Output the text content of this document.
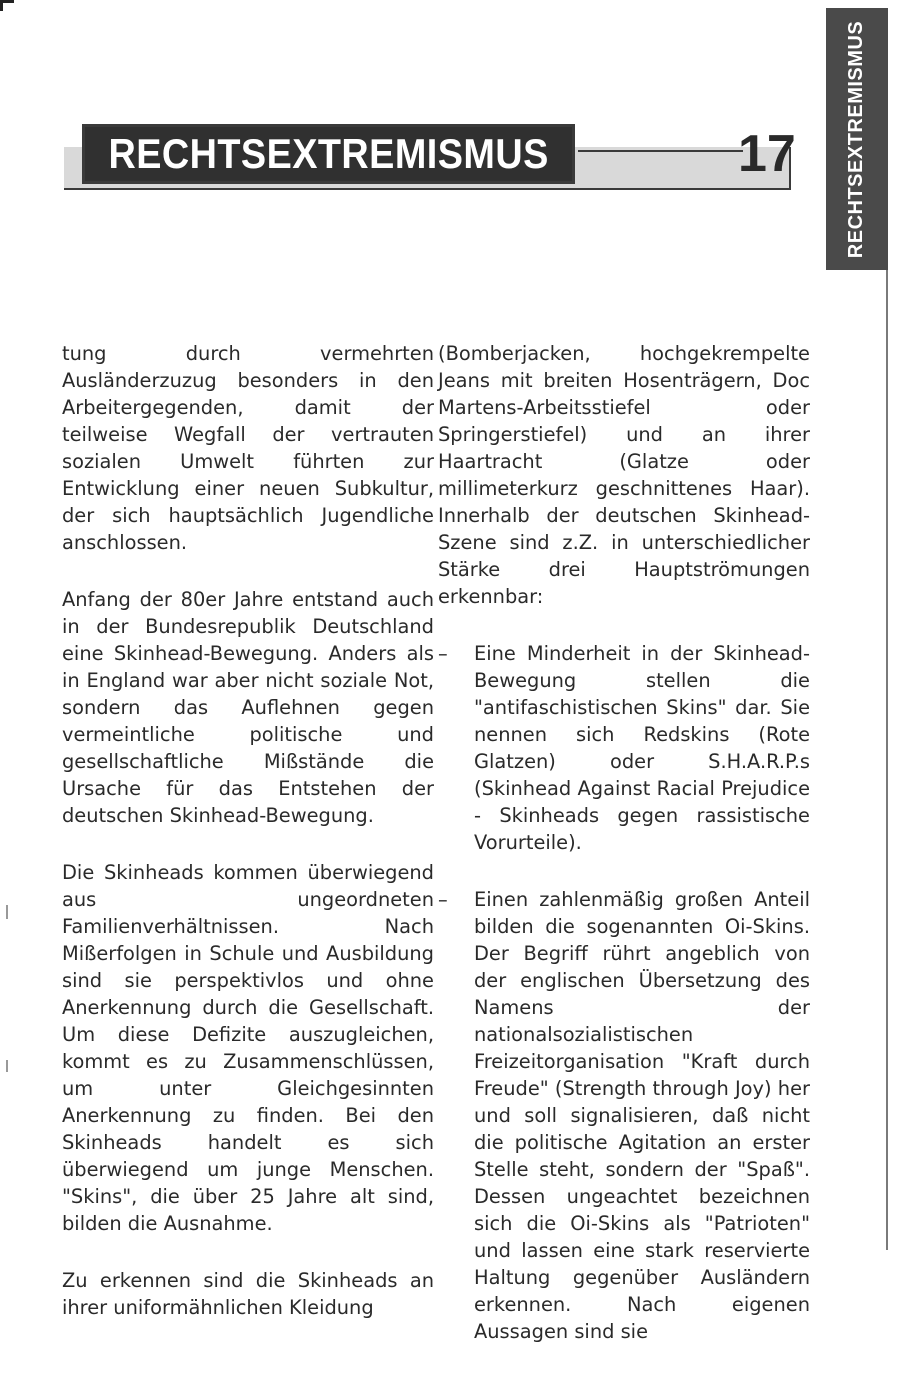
RECHTSEXTREMISMUS
RECHTSEXTREMISMUS	17

tung durch vermehrten Ausländerzuzug besonders in den Arbeitergegenden, damit der teilweise Wegfall der vertrauten sozialen Umwelt führten zur Entwicklung einer neuen Subkultur, der sich hauptsächlich Jugendliche anschlossen.

Anfang der 80er Jahre entstand auch in der Bundesrepublik Deutschland eine Skinhead-Bewegung. Anders als in England war aber nicht soziale Not, sondern das Auflehnen gegen vermeintliche politische und gesellschaftliche Mißstände die Ursache für das Entstehen der deutschen Skinhead-Bewegung.

Die Skinheads kommen überwiegend aus ungeordneten Familienverhältnissen. Nach Mißerfolgen in Schule und Ausbildung sind sie perspektivlos und ohne Anerkennung durch die Gesellschaft. Um diese Defizite auszugleichen, kommt es zu Zusammenschlüssen, um unter Gleichgesinnten Anerkennung zu finden. Bei den Skinheads handelt es sich überwiegend um junge Menschen. "Skins", die über 25 Jahre alt sind, bilden die Ausnahme.

Zu erkennen sind die Skinheads an ihrer uniformähnlichen Kleidung

(Bomberjacken, hochgekrempelte Jeans mit breiten Hosenträgern, Doc Martens-Arbeitsstiefel oder Springerstiefel) und an ihrer Haartracht (Glatze oder millimeterkurz geschnittenes Haar). Innerhalb der deutschen Skinhead-Szene sind z.Z. in unterschiedlicher Stärke drei Hauptströmungen erkennbar:

–	Eine Minderheit in der Skinhead-Bewegung stellen die "antifaschistischen Skins" dar. Sie nennen sich Redskins (Rote Glatzen) oder S.H.A.R.P.s (Skinhead Against Racial Prejudice - Skinheads gegen rassistische Vorurteile).
–	Einen zahlenmäßig großen Anteil bilden die sogenannten Oi-Skins. Der Begriff rührt angeblich von der englischen Übersetzung des Namens der nationalsozialistischen Freizeitorganisation "Kraft durch Freude" (Strength through Joy) her und soll signalisieren, daß nicht die politische Agitation an erster Stelle steht, sondern der "Spaß". Dessen ungeachtet bezeichnen sich die Oi-Skins als "Patrioten" und lassen eine stark reservierte Haltung gegenüber Ausländern erkennen. Nach eigenen Aussagen sind sie
